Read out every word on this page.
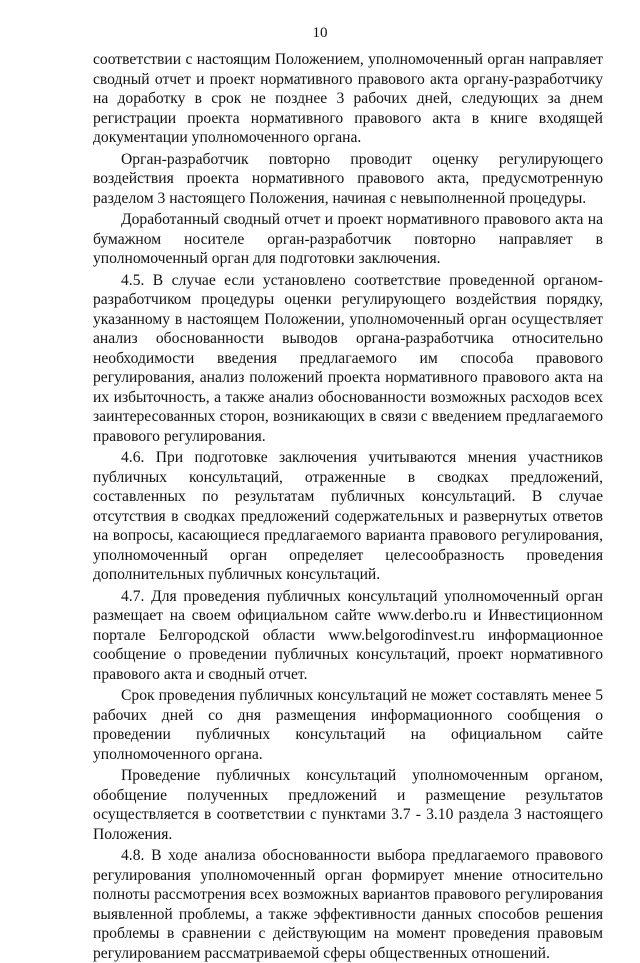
10

соответствии с настоящим Положением, уполномоченный орган направляет сводный отчет и проект нормативного правового акта органу-разработчику на доработку в срок не позднее 3 рабочих дней, следующих за днем регистрации проекта нормативного правового акта в книге входящей документации уполномоченного органа.

Орган-разработчик повторно проводит оценку регулирующего воздействия проекта нормативного правового акта, предусмотренную разделом 3 настоящего Положения, начиная с невыполненной процедуры.

Доработанный сводный отчет и проект нормативного правового акта на бумажном носителе орган-разработчик повторно направляет в уполномоченный орган для подготовки заключения.

4.5. В случае если установлено соответствие проведенной органом-разработчиком процедуры оценки регулирующего воздействия порядку, указанному в настоящем Положении, уполномоченный орган осуществляет анализ обоснованности выводов органа-разработчика относительно необходимости введения предлагаемого им способа правового регулирования, анализ положений проекта нормативного правового акта на их избыточность, а также анализ обоснованности возможных расходов всех заинтересованных сторон, возникающих в связи с введением предлагаемого правового регулирования.

4.6. При подготовке заключения учитываются мнения участников публичных консультаций, отраженные в сводках предложений, составленных по результатам публичных консультаций. В случае отсутствия в сводках предложений содержательных и развернутых ответов на вопросы, касающиеся предлагаемого варианта правового регулирования, уполномоченный орган определяет целесообразность проведения дополнительных публичных консультаций.

4.7. Для проведения публичных консультаций уполномоченный орган размещает на своем официальном сайте www.derbo.ru и Инвестиционном портале Белгородской области www.belgorodinvest.ru информационное сообщение о проведении публичных консультаций, проект нормативного правового акта и сводный отчет.

Срок проведения публичных консультаций не может составлять менее 5 рабочих дней со дня размещения информационного сообщения о проведении публичных консультаций на официальном сайте уполномоченного органа.

Проведение публичных консультаций уполномоченным органом, обобщение полученных предложений и размещение результатов осуществляется в соответствии с пунктами 3.7 - 3.10 раздела 3 настоящего Положения.

4.8. В ходе анализа обоснованности выбора предлагаемого правового регулирования уполномоченный орган формирует мнение относительно полноты рассмотрения всех возможных вариантов правового регулирования выявленной проблемы, а также эффективности данных способов решения проблемы в сравнении с действующим на момент проведения правовым регулированием рассматриваемой сферы общественных отношений.
